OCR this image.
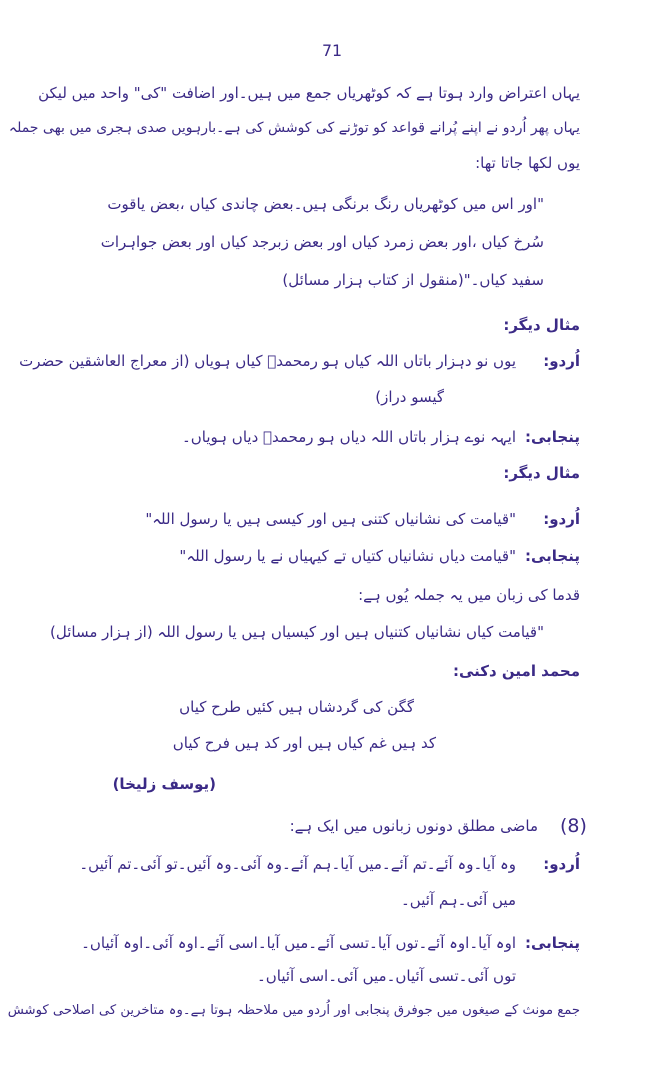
71

یہاں اعتراض وارد ہوتا ہے کہ کوٹھریاں جمع میں ہیں۔اور اضافت "کی" واحد میں لیکن

یہاں پھر اُردو نے اپنے پُرانے قواعد کو توڑنے کی کوشش کی ہے۔بارہویں صدی ہجری میں بھی جملہ

یوں لکھا جاتا تھا:

"اور اس میں کوٹھریاں رنگ برنگی ہیں۔بعض چاندی کیاں ،بعض یاقوت

سُرخ کیاں ،اور بعض زمرد کیاں اور بعض زبرجد کیاں اور بعض جواہرات

سفید کیاں۔"(منقول از کتاب ہزار مسائل)

مثال دیگر:

اُردو:

یوں نو دہزار باتاں اللہ کیاں ہو رمحمدؐ کیاں ہویاں (از معراج العاشقین حضرت

گیسو دراز)

پنجابی:

ایہہ نوے ہزار باتاں اللہ دیاں ہو رمحمدؐ دیاں ہویاں۔

مثال دیگر:

اُردو:

"قیامت کی نشانیاں کتنی ہیں اور کیسی ہیں یا رسول اللہ"

پنجابی:

"قیامت دیاں نشانیاں کتیاں تے کیہیاں نے یا رسول اللہ"

قدما کی زبان میں یہ جملہ یُوں ہے:

"قیامت کیاں نشانیاں کتنیاں ہیں اور کیسیاں ہیں یا رسول اللہ (از ہزار مسائل)

محمد امین دکنی:

گگن کی گردشاں ہیں کئیں طرح کیاں

کد ہیں غم کیاں ہیں اور کد ہیں فرح کیاں

(یوسف زلیخا)

(8)

ماضی مطلق دونوں زبانوں میں ایک ہے:

اُردو:

وہ آیا۔وہ آئے۔تم آئے۔میں آیا۔ہم آئے۔وہ آئی۔وہ آئیں۔تو آئی۔تم آئیں۔

میں آئی۔ہم آئیں۔

پنجابی:

اوہ آیا۔اوہ آئے۔توں آیا۔تسی آئے۔میں آیا۔اسی آئے۔اوہ آئی۔اوہ آئیاں۔

توں آئی۔تسی آئیاں۔میں آئی۔اسی آئیاں۔

جمع مونث کے صیغوں میں جوفرق پنجابی اور اُردو میں ملاحظہ ہوتا ہے۔وہ متاخرین کی اصلاحی کوشش
